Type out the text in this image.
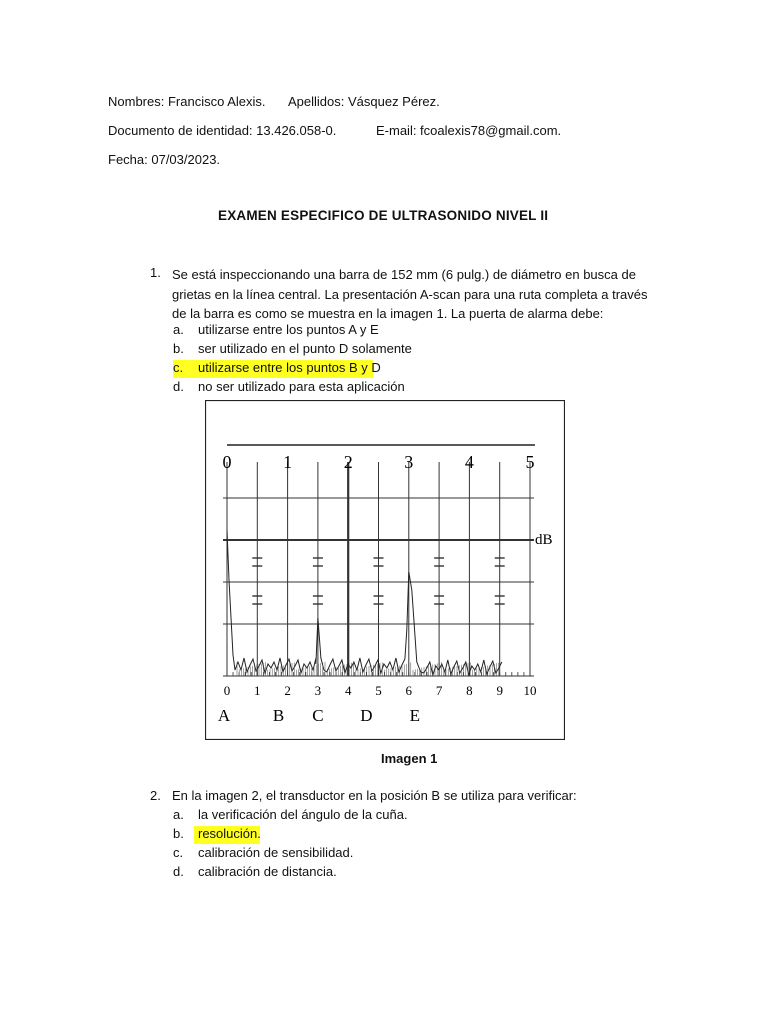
Nombres: Francisco Alexis. Apellidos: Vásquez Pérez.
Documento de identidad: 13.426.058-0.	E-mail: fcoalexis78@gmail.com.
Fecha: 07/03/2023.
EXAMEN ESPECIFICO DE ULTRASONIDO NIVEL II
1. Se está inspeccionando una barra de 152 mm (6 pulg.) de diámetro en busca de grietas en la línea central. La presentación A-scan para una ruta completa a través de la barra es como se muestra en la imagen 1. La puerta de alarma debe:
a. utilizarse entre los puntos A y E
b. ser utilizado en el punto D solamente
c. utilizarse entre los puntos B y D
d. no ser utilizado para esta aplicación
0	1	2	3	4	5
0 1 2 3 4 5 6 7 8 9 10
A	B C D E
dB
Imagen 1
2. En la imagen 2, el transductor en la posición B se utiliza para verificar:
a. la verificación del ángulo de la cuña.
b. resolución.
c. calibración de sensibilidad.
d. calibración de distancia.
